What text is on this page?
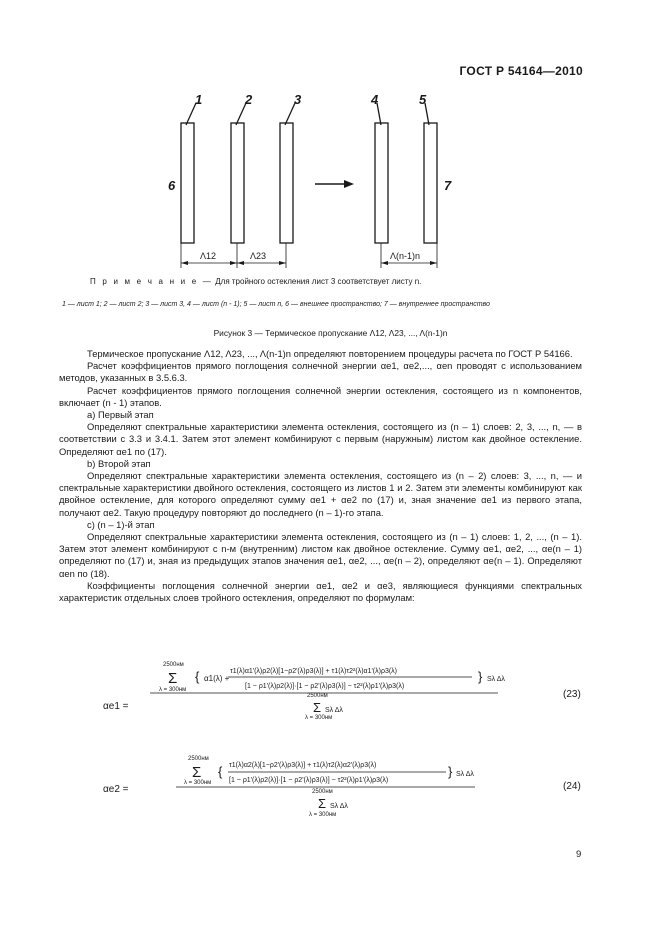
ГОСТ Р 54164—2010
1	2	3	4	5
6	7
Λ12	Λ23	Λ(n-1)n
П р и м е ч а н и е — Для тройного остекления лист 3 соответствует листу n.
1 — лист 1; 2 — лист 2; 3 — лист 3, 4 — лист (n - 1); 5 — лист n, 6 — внешнее пространство; 7 — внутреннее пространство
Рисунок 3 — Термическое пропускание Λ12, Λ23, ..., Λ(n-1)n

Термическое пропускание Λ12, Λ23, ..., Λ(n-1)n определяют повторением процедуры расчета по ГОСТ Р 54166.

Расчет коэффициентов прямого поглощения солнечной энергии αe1, αe2,..., αen проводят с использованием методов, указанных в 3.5.6.3.

Расчет коэффициентов прямого поглощения солнечной энергии остекления, состоящего из n компонентов, включает (n - 1) этапов.

а) Первый этап

Определяют спектральные характеристики элемента остекления, состоящего из (n – 1) слоев: 2, 3, ..., n, — в соответствии с 3.3 и 3.4.1. Затем этот элемент комбинируют с первым (наружным) листом как двойное остекление. Определяют αe1 по (17).

b) Второй этап

Определяют спектральные характеристики элемента остекления, состоящего из (n – 2) слоев: 3, ..., n, — и спектральные характеристики двойного остекления, состоящего из листов 1 и 2. Затем эти элементы комбинируют как двойное остекление, для которого определяют сумму αe1 + αe2 по (17) и, зная значение αe1 из первого этапа, получают αe2. Такую процедуру повторяют до последнего (n – 1)-го этапа.

с) (n – 1)-й этап

Определяют спектральные характеристики элемента остекления, состоящего из (n – 1) слоев: 1, 2, ..., (n – 1). Затем этот элемент комбинируют с n-м (внутренним) листом как двойное остекление. Сумму αe1, αe2, ..., αe(n – 1) определяют по (17) и, зная из предыдущих этапов значения αe1, αe2, ..., αe(n – 2), определяют αe(n – 1). Определяют αen по (18).

Коэффициенты поглощения солнечной энергии αe1, αe2 и αe3, являющиеся функциями спектральных характеристик отдельных слоев тройного остекления, определяют по формулам:

αe1 =
2500нм
Σ
λ = 300нм
{ α1(λ) +
τ1(λ)α1'(λ)ρ2(λ)[1−ρ2'(λ)ρ3(λ)] + τ1(λ)τ2²(λ)α1'(λ)ρ3(λ)
[1 − ρ1'(λ)ρ2(λ)]·[1 − ρ2'(λ)ρ3(λ)] − τ2²(λ)ρ1'(λ)ρ3(λ)
} Sλ Δλ
2500нм
Σ Sλ Δλ
λ = 300нм
(23)
αe2 =
2500нм
Σ
λ = 300нм
{ τ1(λ)α2(λ)[1−ρ2'(λ)ρ3(λ)] + τ1(λ)τ2(λ)α2'(λ)ρ3(λ)
[1 − ρ1'(λ)ρ2(λ)]·[1 − ρ2'(λ)ρ3(λ)] − τ2²(λ)ρ1'(λ)ρ3(λ)
} Sλ Δλ
2500нм
Σ Sλ Δλ
λ = 300нм
(24)
9
